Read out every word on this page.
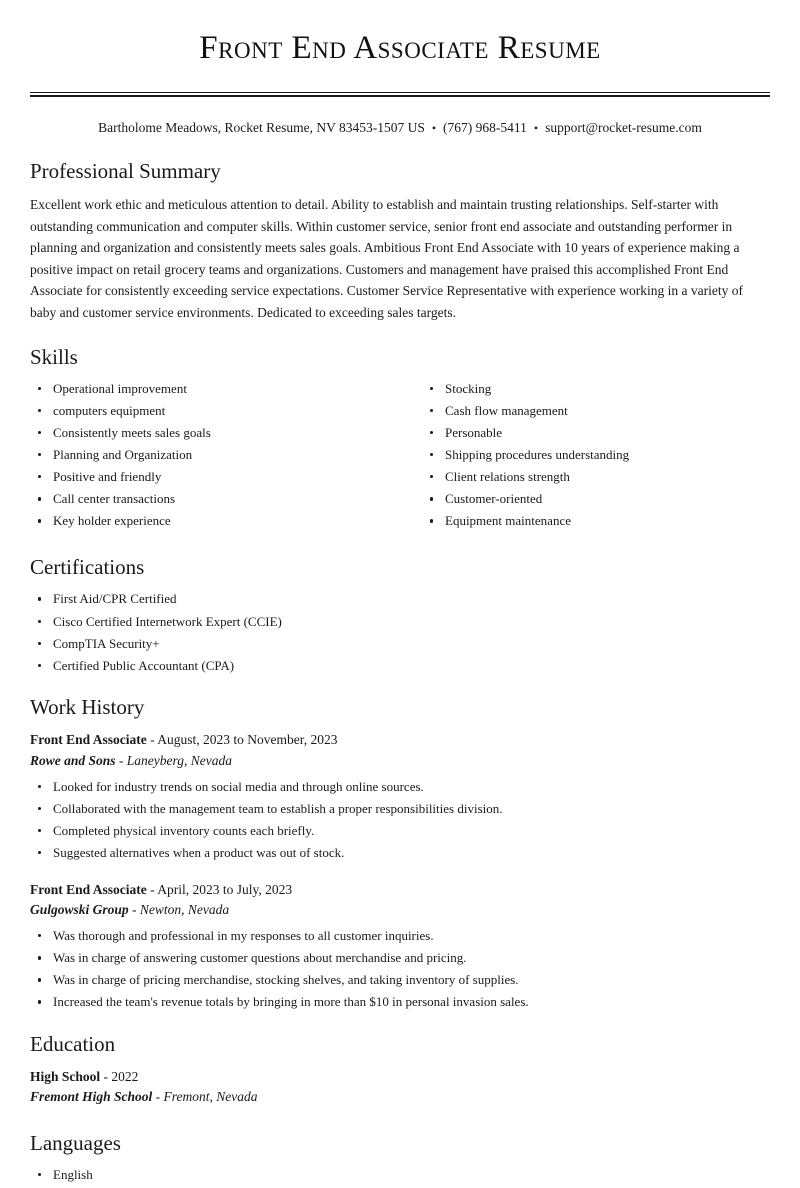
Front End Associate Resume
Bartholome Meadows, Rocket Resume, NV 83453-1507 US • (767) 968-5411 • support@rocket-resume.com
Professional Summary

Excellent work ethic and meticulous attention to detail. Ability to establish and maintain trusting relationships. Self-starter with outstanding communication and computer skills. Within customer service, senior front end associate and outstanding performer in planning and organization and consistently meets sales goals. Ambitious Front End Associate with 10 years of experience making a positive impact on retail grocery teams and organizations. Customers and management have praised this accomplished Front End Associate for consistently exceeding service expectations. Customer Service Representative with experience working in a variety of baby and customer service environments. Dedicated to exceeding sales targets.

Skills
Operational improvement
computers equipment
Consistently meets sales goals
Planning and Organization
Positive and friendly
Call center transactions
Key holder experience
Stocking
Cash flow management
Personable
Shipping procedures understanding
Client relations strength
Customer-oriented
Equipment maintenance
Certifications
First Aid/CPR Certified
Cisco Certified Internetwork Expert (CCIE)
CompTIA Security+
Certified Public Accountant (CPA)
Work History
Front End Associate - August, 2023 to November, 2023
Rowe and Sons - Laneyberg, Nevada
Looked for industry trends on social media and through online sources.
Collaborated with the management team to establish a proper responsibilities division.
Completed physical inventory counts each briefly.
Suggested alternatives when a product was out of stock.
Front End Associate - April, 2023 to July, 2023
Gulgowski Group - Newton, Nevada
Was thorough and professional in my responses to all customer inquiries.
Was in charge of answering customer questions about merchandise and pricing.
Was in charge of pricing merchandise, stocking shelves, and taking inventory of supplies.
Increased the team's revenue totals by bringing in more than $10 in personal invasion sales.
Education
High School - 2022
Fremont High School - Fremont, Nevada
Languages
English
